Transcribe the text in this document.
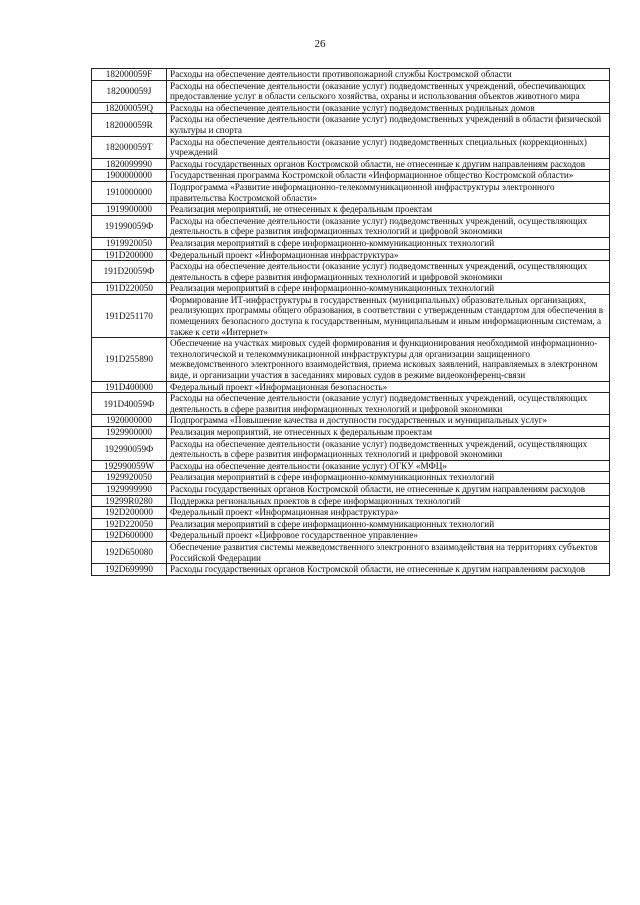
26
182000059F	Расходы на обеспечение деятельности противопожарной службы Костромской области
182000059J	Расходы на обеспечение деятельности (оказание услуг) подведомственных учреждений, обеспечивающих предоставление услуг в области сельского хозяйства, охраны и использования объектов животного мира
182000059Q	Расходы на обеспечение деятельности (оказание услуг) подведомственных родильных домов
182000059R	Расходы на обеспечение деятельности (оказание услуг) подведомственных учреждений в области физической культуры и спорта
182000059T	Расходы на обеспечение деятельности (оказание услуг) подведомственных специальных (коррекционных) учреждений
1820099990	Расходы государственных органов Костромской области, не отнесенные к другим направлениям расходов
1900000000	Государственная программа Костромской области «Информационное общество Костромской области»
1910000000	Подпрограмма «Развитие информационно-телекоммуникационной инфраструктуры электронного правительства Костромской области»
1919900000	Реализация мероприятий, не отнесенных к федеральным проектам
191990059Ф	Расходы на обеспечение деятельности (оказание услуг) подведомственных учреждений, осуществляющих деятельность в сфере развития информационных технологий и цифровой экономики
1919920050	Реализация мероприятий в сфере информационно-коммуникационных технологий
191D200000	Федеральный проект «Информационная инфраструктура»
191D20059Ф	Расходы на обеспечение деятельности (оказание услуг) подведомственных учреждений, осуществляющих деятельность в сфере развития информационных технологий и цифровой экономики
191D220050	Реализация мероприятий в сфере информационно-коммуникационных технологий
191D251170	Формирование ИТ-инфраструктуры в государственных (муниципальных) образовательных организациях, реализующих программы общего образования, в соответствии с утвержденным стандартом для обеспечения в помещениях безопасного доступа к государственным, муниципальным и иным информационным системам, а также к сети «Интернет»
191D255890	Обеспечение на участках мировых судей формирования и функционирования необходимой информационно-технологической и телекоммуникационной инфраструктуры для организации защищенного межведомственного электронного взаимодействия, приема исковых заявлений, направляемых в электронном виде, и организации участия в заседаниях мировых судов в режиме видеоконференц-связи
191D400000	Федеральный проект «Информационная безопасность»
191D40059Ф	Расходы на обеспечение деятельности (оказание услуг) подведомственных учреждений, осуществляющих деятельность в сфере развития информационных технологий и цифровой экономики
1920000000	Подпрограмма «Повышение качества и доступности государственных и муниципальных услуг»
1929900000	Реализация мероприятий, не отнесенных к федеральным проектам
192990059Ф	Расходы на обеспечение деятельности (оказание услуг) подведомственных учреждений, осуществляющих деятельность в сфере развития информационных технологий и цифровой экономики
192990059W	Расходы на обеспечение деятельности (оказание услуг) ОГКУ «МФЦ»
1929920050	Реализация мероприятий в сфере информационно-коммуникационных технологий
1929999990	Расходы государственных органов Костромской области, не отнесенные к другим направлениям расходов
19299R0280	Поддержка региональных проектов в сфере информационных технологий
192D200000	Федеральный проект «Информационная инфраструктура»
192D220050	Реализация мероприятий в сфере информационно-коммуникационных технологий
192D600000	Федеральный проект «Цифровое государственное управление»
192D650080	Обеспечение развития системы межведомственного электронного взаимодействия на территориях субъектов Российской Федерации
192D699990	Расходы государственных органов Костромской области, не отнесенные к другим направлениям расходов
